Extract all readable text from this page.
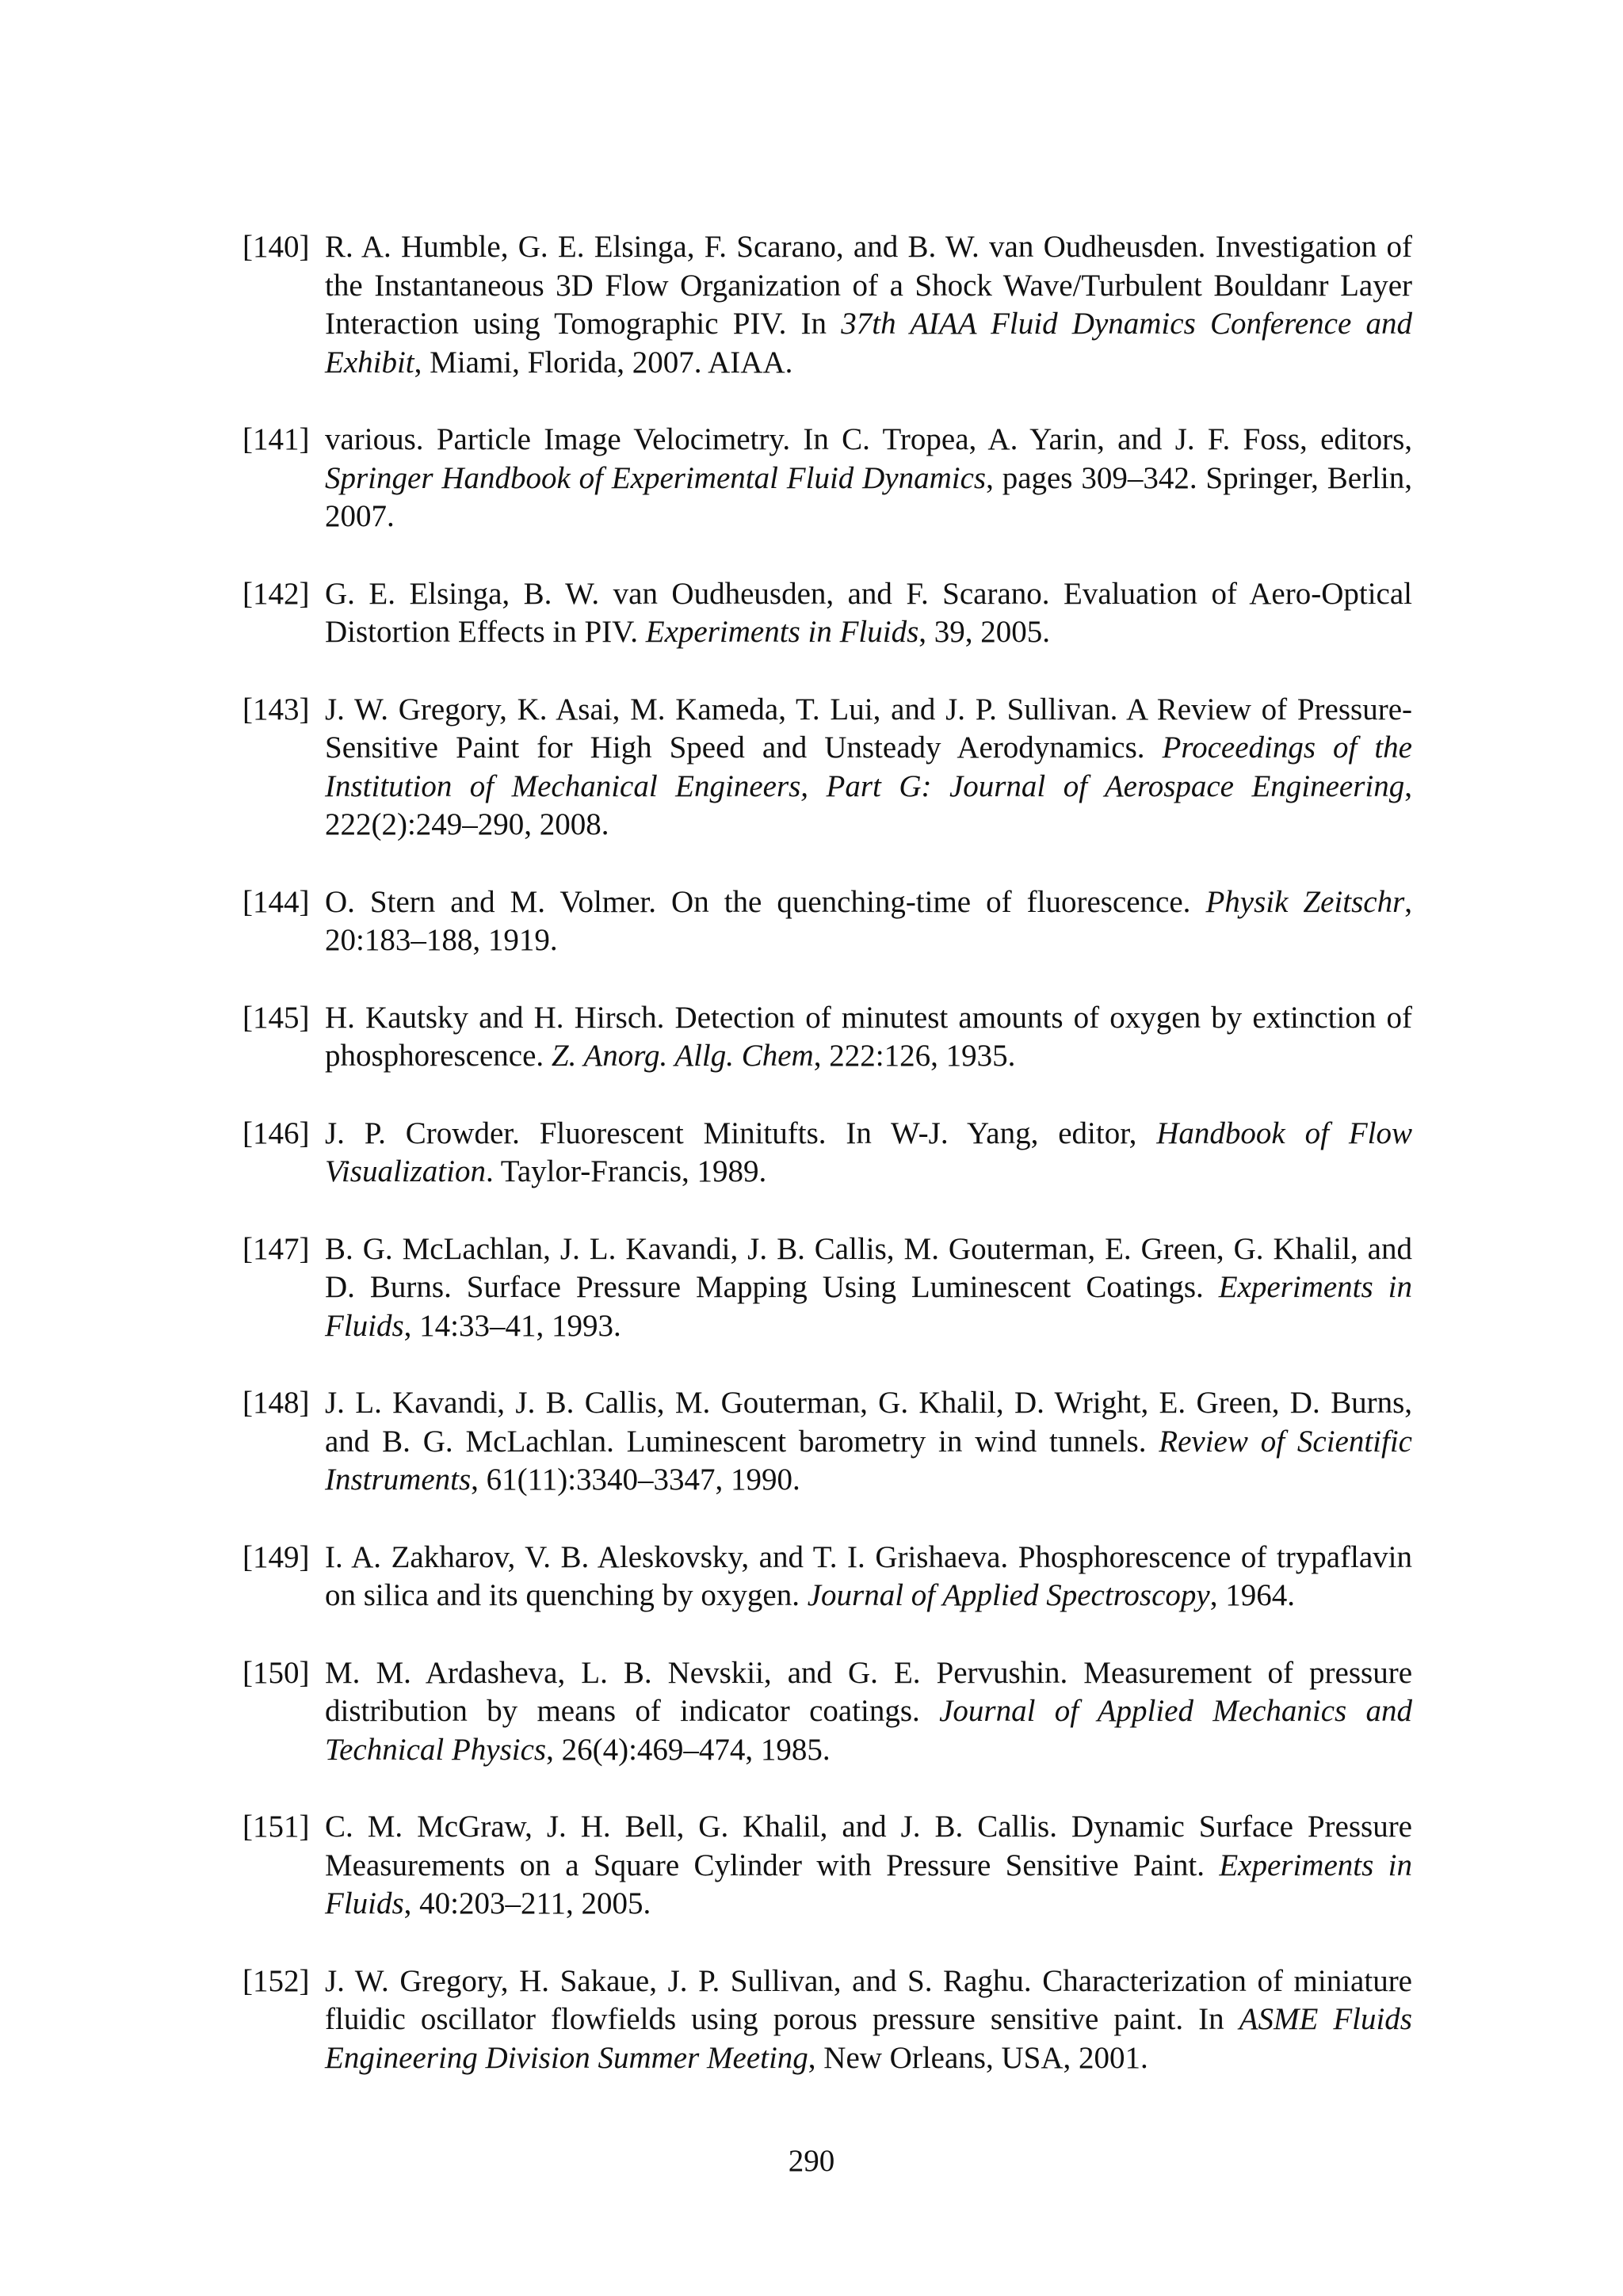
[140] R. A. Humble, G. E. Elsinga, F. Scarano, and B. W. van Oudheusden. Investigation of the Instantaneous 3D Flow Organization of a Shock Wave/Turbulent Bouldanr Layer Interaction using Tomographic PIV. In 37th AIAA Fluid Dynamics Conference and Exhibit, Miami, Florida, 2007. AIAA.
[141] various. Particle Image Velocimetry. In C. Tropea, A. Yarin, and J. F. Foss, editors, Springer Handbook of Experimental Fluid Dynamics, pages 309–342. Springer, Berlin, 2007.
[142] G. E. Elsinga, B. W. van Oudheusden, and F. Scarano. Evaluation of Aero-Optical Distortion Effects in PIV. Experiments in Fluids, 39, 2005.
[143] J. W. Gregory, K. Asai, M. Kameda, T. Lui, and J. P. Sullivan. A Review of Pressure-Sensitive Paint for High Speed and Unsteady Aerodynamics. Proceedings of the Institution of Mechanical Engineers, Part G: Journal of Aerospace Engineering, 222(2):249–290, 2008.
[144] O. Stern and M. Volmer. On the quenching-time of fluorescence. Physik Zeitschr, 20:183–188, 1919.
[145] H. Kautsky and H. Hirsch. Detection of minutest amounts of oxygen by extinction of phosphorescence. Z. Anorg. Allg. Chem, 222:126, 1935.
[146] J. P. Crowder. Fluorescent Minitufts. In W-J. Yang, editor, Handbook of Flow Visualization. Taylor-Francis, 1989.
[147] B. G. McLachlan, J. L. Kavandi, J. B. Callis, M. Gouterman, E. Green, G. Khalil, and D. Burns. Surface Pressure Mapping Using Luminescent Coatings. Experiments in Fluids, 14:33–41, 1993.
[148] J. L. Kavandi, J. B. Callis, M. Gouterman, G. Khalil, D. Wright, E. Green, D. Burns, and B. G. McLachlan. Luminescent barometry in wind tunnels. Review of Scientific Instruments, 61(11):3340–3347, 1990.
[149] I. A. Zakharov, V. B. Aleskovsky, and T. I. Grishaeva. Phosphorescence of trypaflavin on silica and its quenching by oxygen. Journal of Applied Spectroscopy, 1964.
[150] M. M. Ardasheva, L. B. Nevskii, and G. E. Pervushin. Measurement of pressure distribution by means of indicator coatings. Journal of Applied Mechanics and Technical Physics, 26(4):469–474, 1985.
[151] C. M. McGraw, J. H. Bell, G. Khalil, and J. B. Callis. Dynamic Surface Pressure Measurements on a Square Cylinder with Pressure Sensitive Paint. Experiments in Fluids, 40:203–211, 2005.
[152] J. W. Gregory, H. Sakaue, J. P. Sullivan, and S. Raghu. Characterization of miniature fluidic oscillator flowfields using porous pressure sensitive paint. In ASME Fluids Engineering Division Summer Meeting, New Orleans, USA, 2001.
290
